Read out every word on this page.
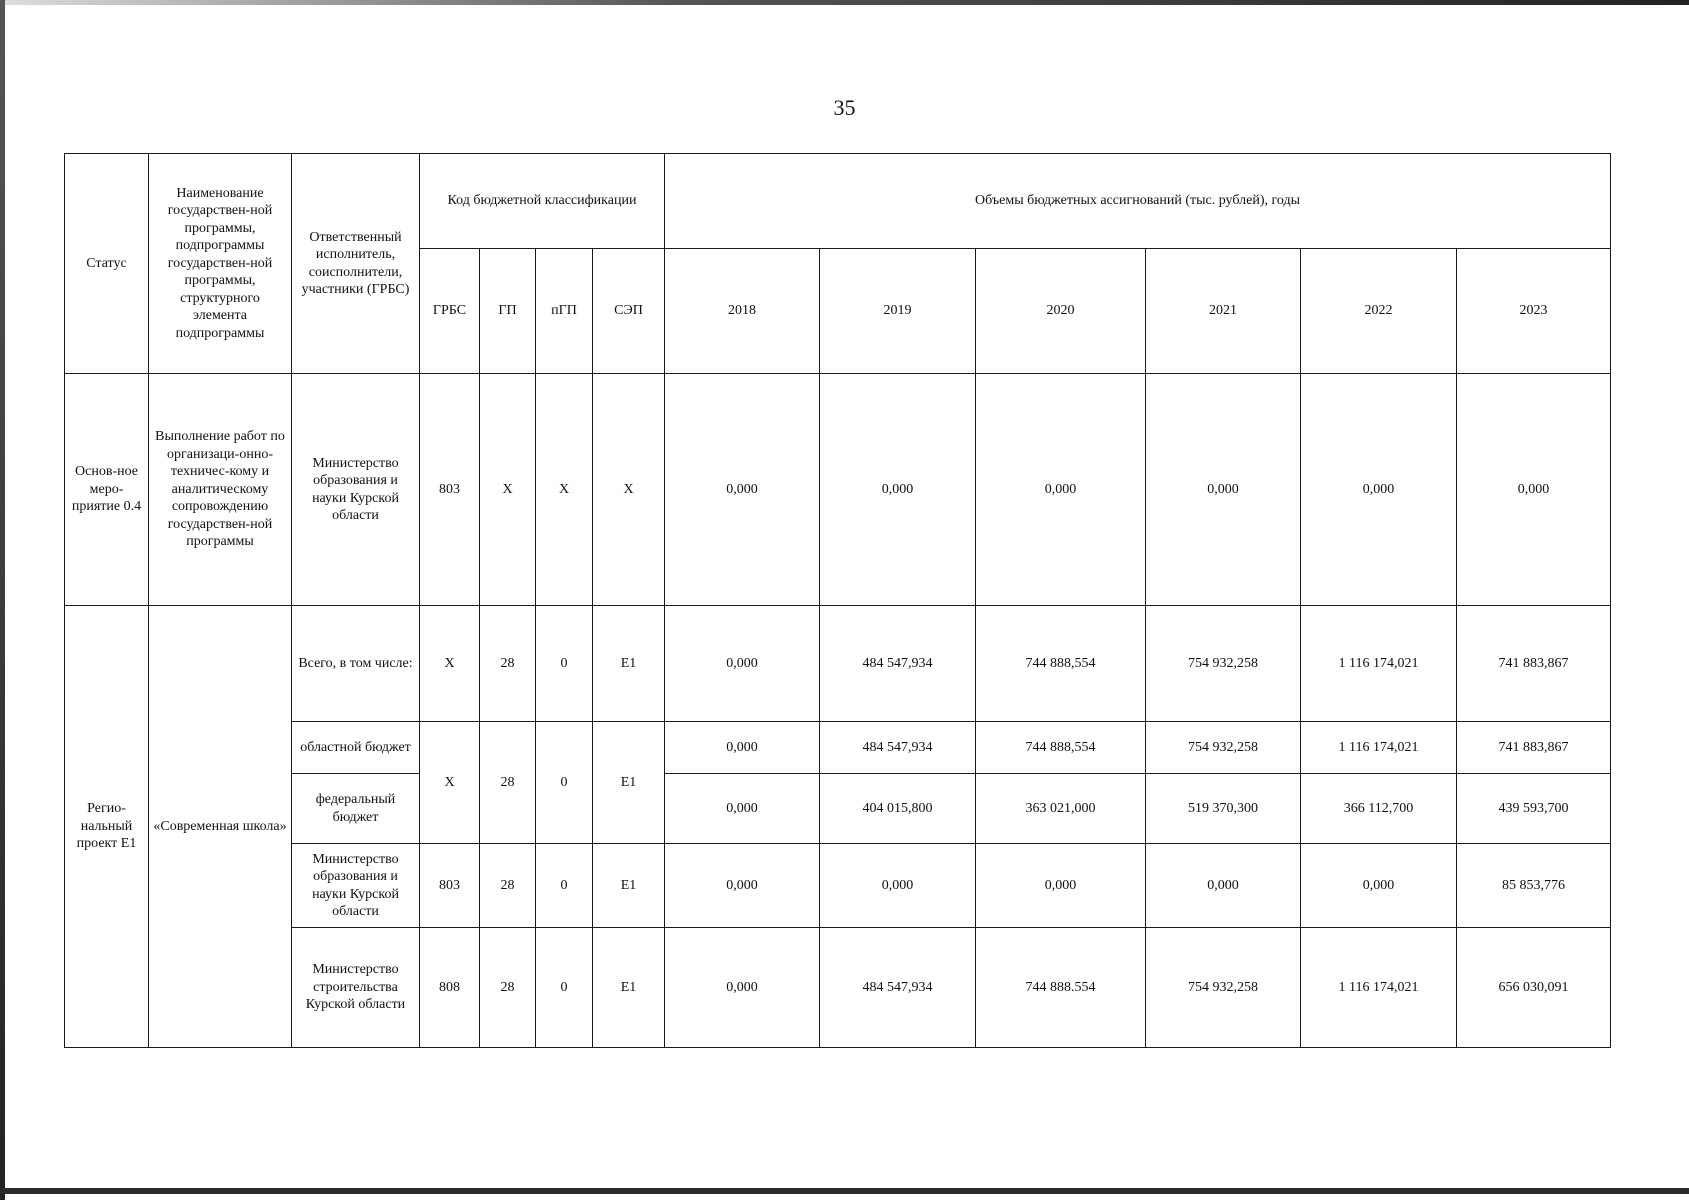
35
Статус	Наименование государствен-ной программы, подпрограммы государствен-ной программы, структурного элемента подпрограммы	Ответственный исполнитель, соисполнители, участники (ГРБС)	Код бюджетной классификации				Объемы бюджетных ассигнований (тыс. рублей), годы					
			ГРБС	ГП	пГП	СЭП	2018	2019	2020	2021	2022	2023
Основ-ное меро-приятие 0.4	Выполнение работ по организаци-онно-техничес-кому и аналитическому сопровождению государствен-ной программы	Министерство образования и науки Курской области	803	X	X	X	0,000	0,000	0,000	0,000	0,000	0,000
Регио-нальный проект Е1	«Современная школа»	Всего, в том числе:	X	28	0	Е1	0,000	484 547,934	744 888,554	754 932,258	1 116 174,021	741 883,867
		областной бюджет	X	28	0	Е1	0,000	484 547,934	744 888,554	754 932,258	1 116 174,021	741 883,867
		федеральный бюджет					0,000	404 015,800	363 021,000	519 370,300	366 112,700	439 593,700
		Министерство образования и науки Курской области	803	28	0	Е1	0,000	0,000	0,000	0,000	0,000	85 853,776
		Министерство строительства Курской области	808	28	0	Е1	0,000	484 547,934	744 888.554	754 932,258	1 116 174,021	656 030,091
